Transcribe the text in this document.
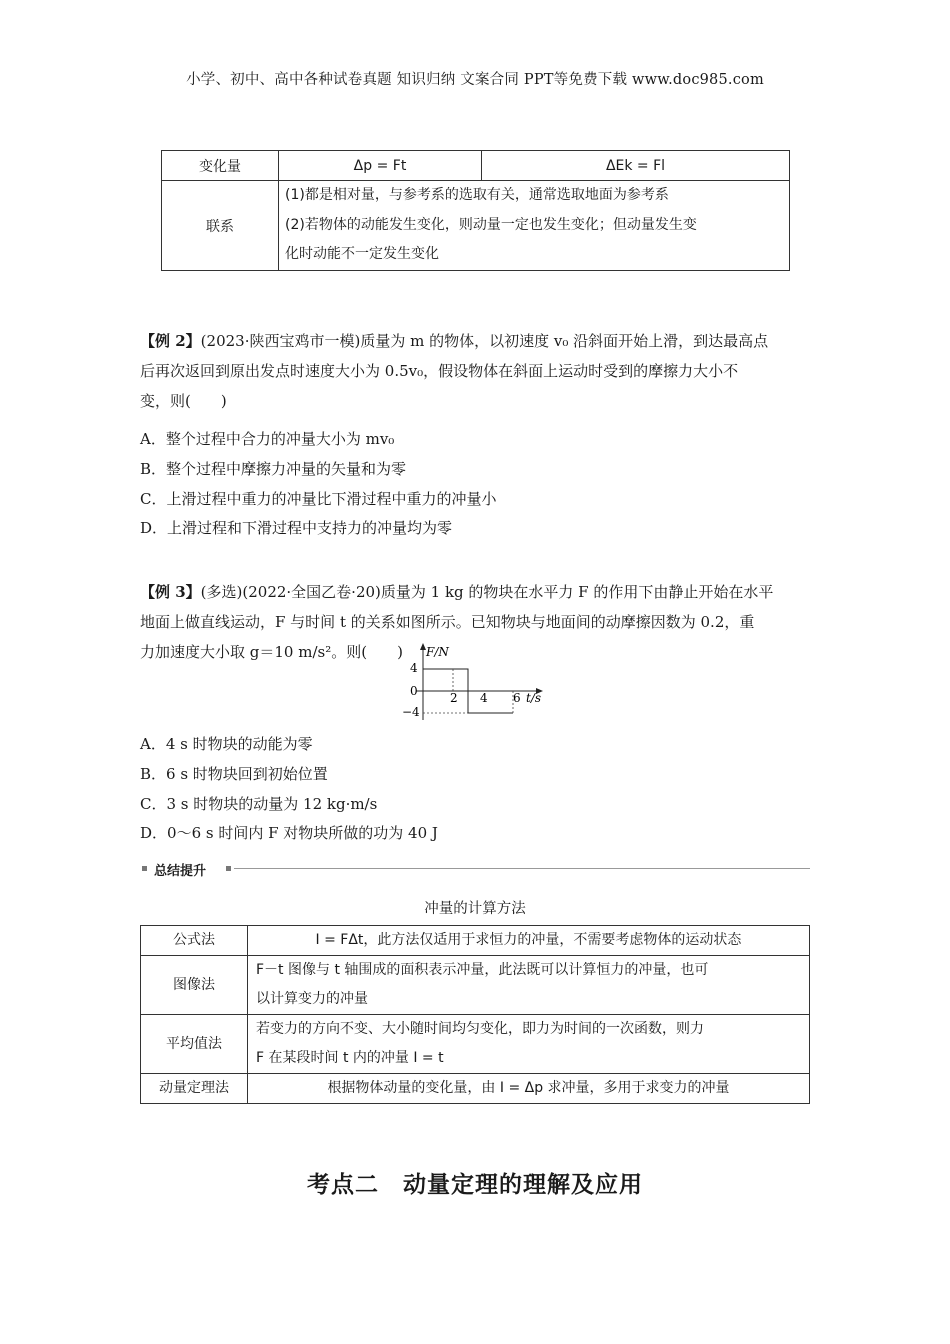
小学、初中、高中各种试卷真题 知识归纳 文案合同 PPT等免费下载 www.doc985.com
变化量	Δp = Ft	ΔEk = Fl
联系	(1)都是相对量，与参考系的选取有关，通常选取地面为参考系
(2)若物体的动能发生变化，则动量一定也发生变化；但动量发生变
化时动能不一定发生变化	
【例 2】(2023·陕西宝鸡市一模)质量为 m 的物体，以初速度 v₀ 沿斜面开始上滑，到达最高点
后再次返回到原出发点时速度大小为 0.5v₀，假设物体在斜面上运动时受到的摩擦力大小不
变，则(　　)
A．整个过程中合力的冲量大小为 mv₀
B．整个过程中摩擦力冲量的矢量和为零
C．上滑过程中重力的冲量比下滑过程中重力的冲量小
D．上滑过程和下滑过程中支持力的冲量均为零
【例 3】(多选)(2022·全国乙卷·20)质量为 1 kg 的物块在水平力 F 的作用下由静止开始在水平
地面上做直线运动，F 与时间 t 的关系如图所示。已知物块与地面间的动摩擦因数为 0.2，重
力加速度大小取 g＝10 m/s²。则(　　)	F/N
t/s
4
0
−4
2 4 6
A．4 s 时物块的动能为零
B．6 s 时物块回到初始位置
C．3 s 时物块的动量为 12 kg·m/s
D．0～6 s 时间内 F 对物块所做的功为 40 J
总结提升
冲量的计算方法
公式法	I = FΔt，此方法仅适用于求恒力的冲量，不需要考虑物体的运动状态

图像法	F－t 图像与 t 轴围成的面积表示冲量，此法既可以计算恒力的冲量，也可
以计算变力的冲量

平均值法	若变力的方向不变、大小随时间均匀变化，即力为时间的一次函数，则力
F 在某段时间 t 内的冲量 I = t

动量定理法	根据物体动量的变化量，由 I = Δp 求冲量，多用于求变力的冲量
考点二　动量定理的理解及应用
